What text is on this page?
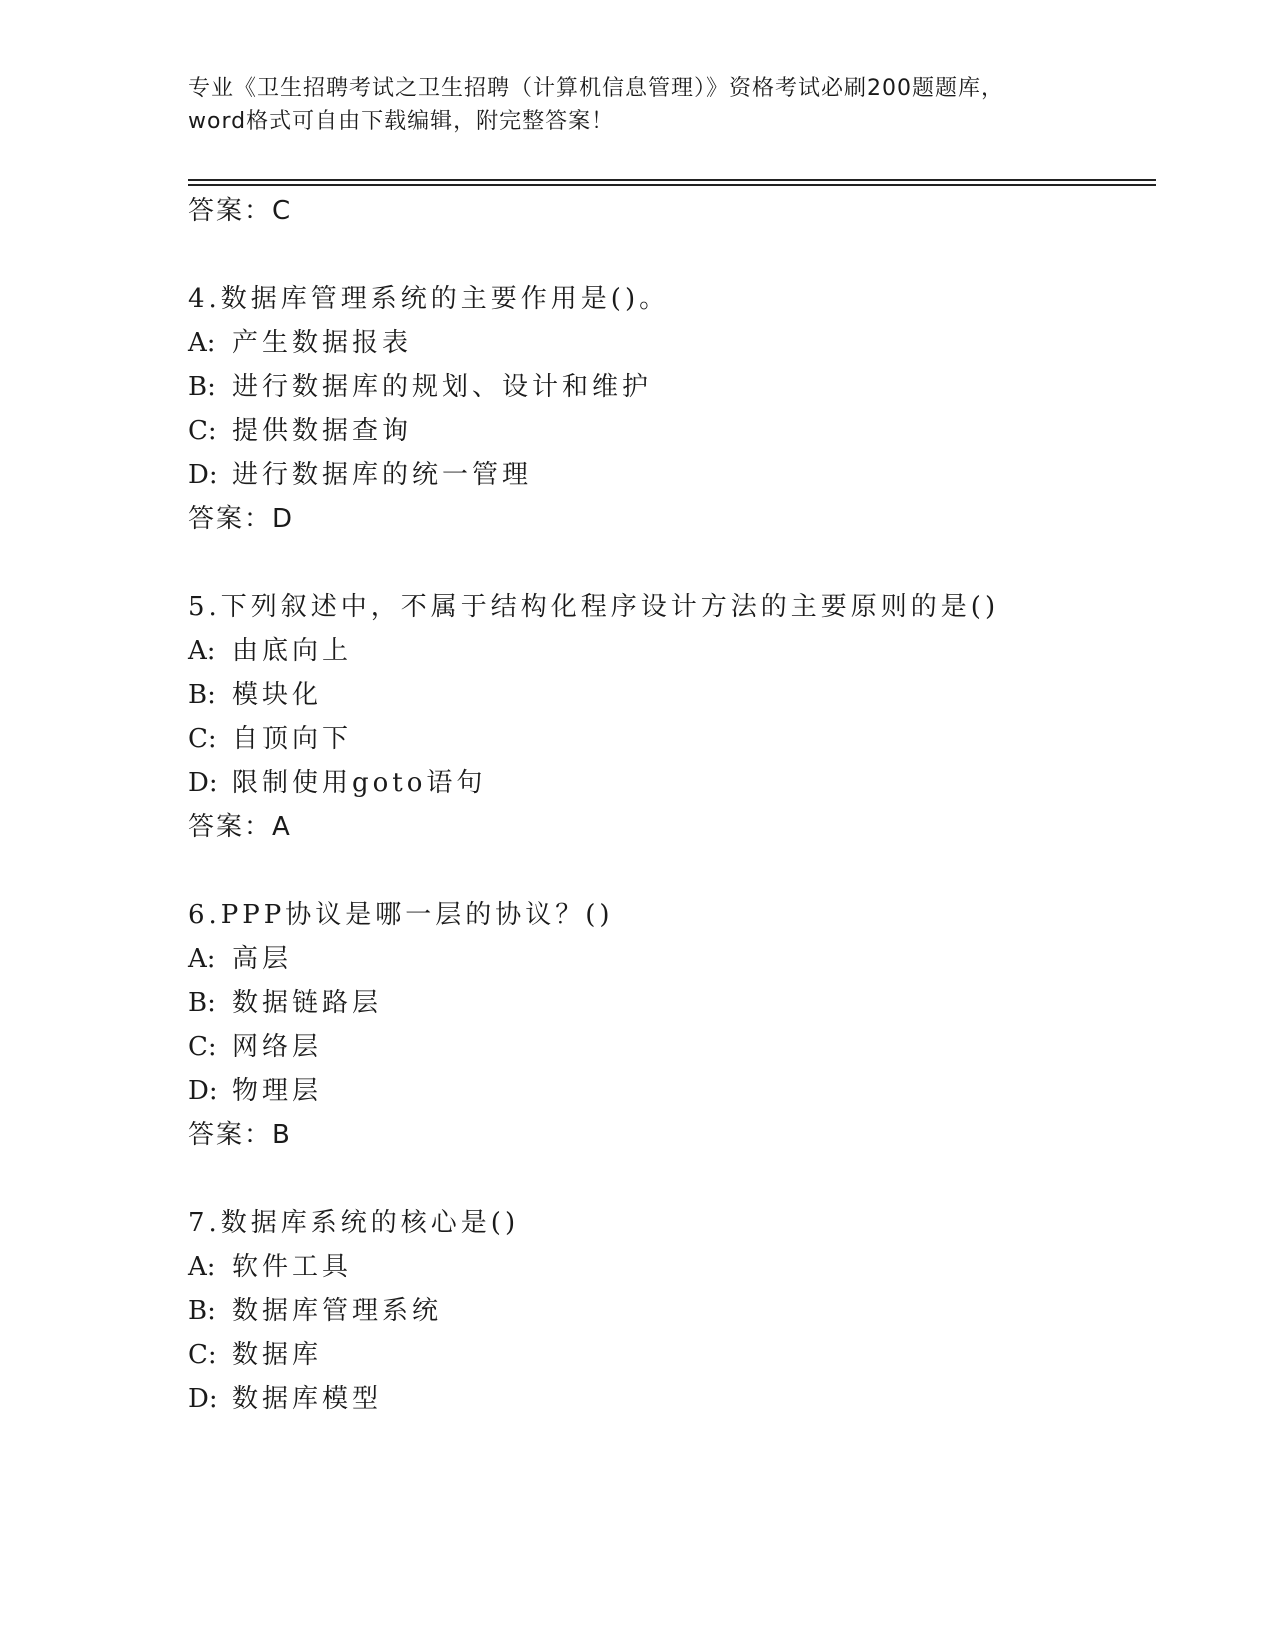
专业《卫生招聘考试之卫生招聘（计算机信息管理）》资格考试必刷200题题库，
word格式可自由下载编辑，附完整答案！
答案：C
4.数据库管理系统的主要作用是()。
A: 产生数据报表
B: 进行数据库的规划、设计和维护
C: 提供数据查询
D: 进行数据库的统一管理
答案：D
5.下列叙述中，不属于结构化程序设计方法的主要原则的是()
A: 由底向上
B: 模块化
C: 自顶向下
D: 限制使用goto语句
答案：A
6.PPP协议是哪一层的协议？()
A: 高层
B: 数据链路层
C: 网络层
D: 物理层
答案：B
7.数据库系统的核心是()
A: 软件工具
B: 数据库管理系统
C: 数据库
D: 数据库模型
